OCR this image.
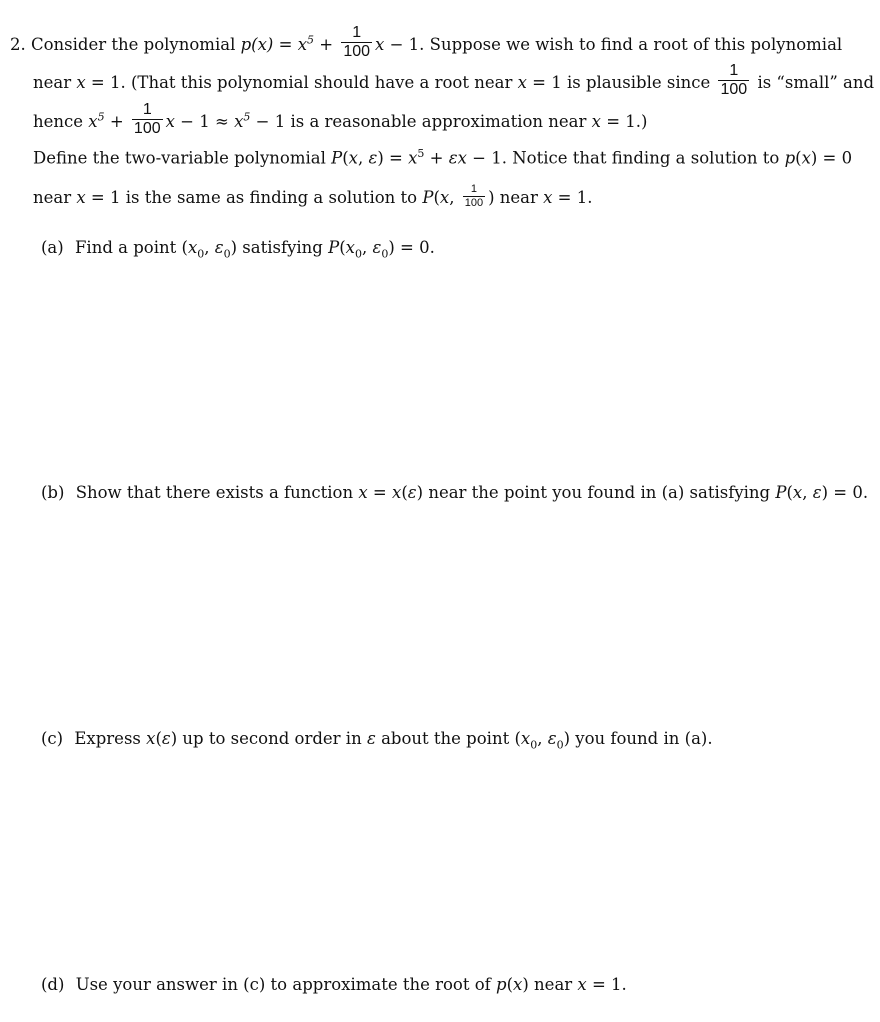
2. Consider the polynomial $p(x) = x^5 + \frac{1}{100}$ x − 1. Suppose we wish to find a root of this polynomial
near x = 1. (That this polynomial should have a root near x = 1 is plausible since $\frac{1}{100}$ is “small” and
hence $x^5 + \frac{1}{100}$ $x - 1 \approx x^5 - 1$ is a reasonable approximation near x = 1.)
Define the two-variable polynomial P(x, $\varepsilon) = x^5 + \varepsilon x - 1$. Notice that finding a solution to p(x) = 0
near x = 1 is the same as finding a solution to P(x, $\frac{1}{100}$ ) near x = 1.
(a) Find a point ($x_0$, $\varepsilon_0$) satisfying $P(x_0$, $\varepsilon_0) = 0$.
(b) Show that there exists a function x = x(ε) near the point you found in (a) satisfying P(x, ε) = 0.
(c) Express x(ε) up to second order in ε about the point ($x_0$, $\varepsilon_0$) you found in (a).
(d) Use your answer in (c) to approximate the root of p(x) near x = 1.
